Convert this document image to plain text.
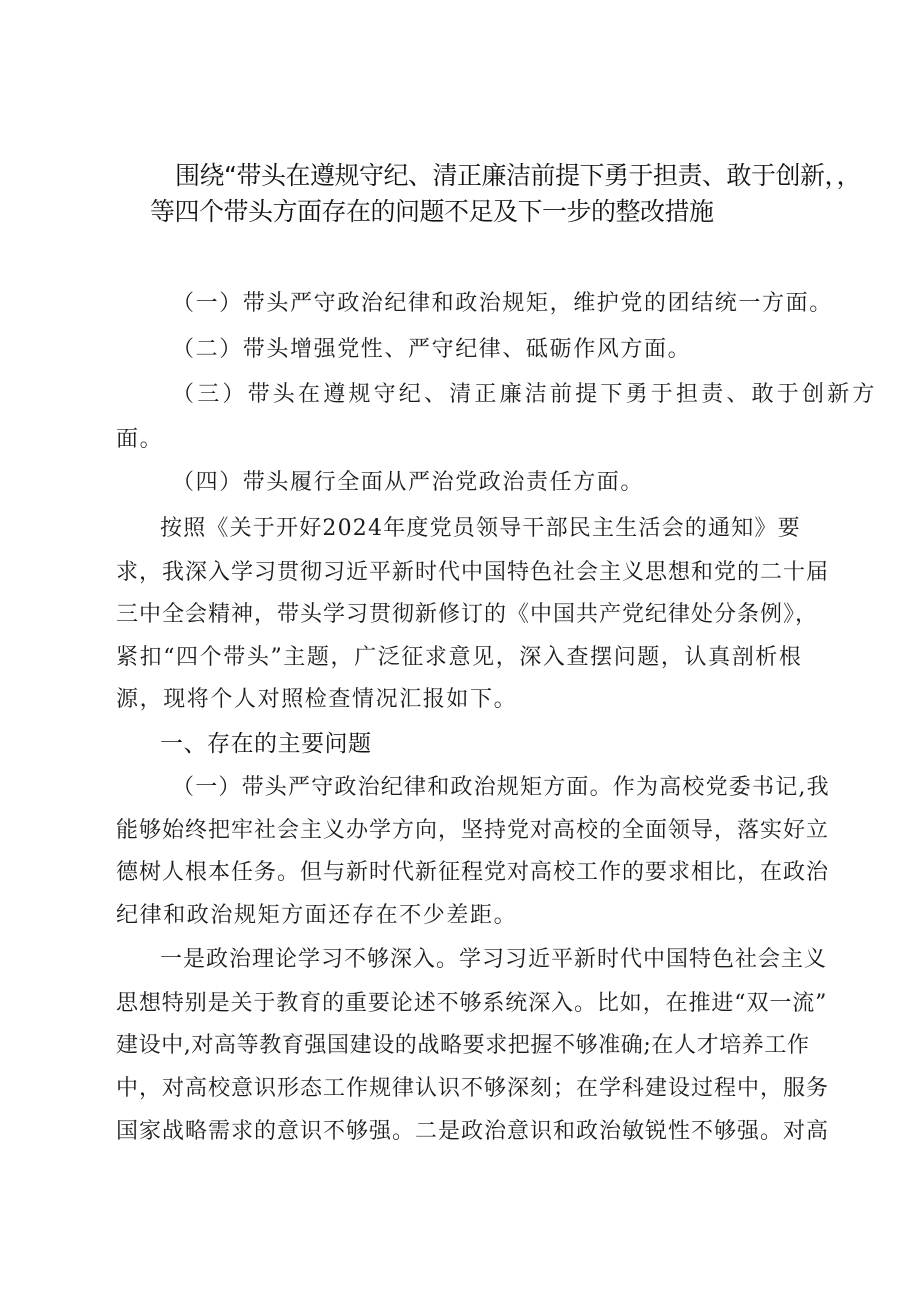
围绕“带头在遵规守纪、清正廉洁前提下勇于担责、敢于创新，，
等四个带头方面存在的问题不足及下一步的整改措施
（一）带头严守政治纪律和政治规矩，维护党的团结统一方面。
（二）带头增强党性、严守纪律、砥砺作风方面。
（三）带头在遵规守纪、清正廉洁前提下勇于担责、敢于创新方
面。
（四）带头履行全面从严治党政治责任方面。
按照《关于开好2024年度党员领导干部民主生活会的通知》要
求，我深入学习贯彻习近平新时代中国特色社会主义思想和党的二十届
三中全会精神，带头学习贯彻新修订的《中国共产党纪律处分条例》，
紧扣“四个带头”主题，广泛征求意见，深入查摆问题，认真剖析根
源，现将个人对照检查情况汇报如下。
一、存在的主要问题
（一）带头严守政治纪律和政治规矩方面。作为高校党委书记,我
能够始终把牢社会主义办学方向，坚持党对高校的全面领导，落实好立
德树人根本任务。但与新时代新征程党对高校工作的要求相比，在政治
纪律和政治规矩方面还存在不少差距。
一是政治理论学习不够深入。学习习近平新时代中国特色社会主义
思想特别是关于教育的重要论述不够系统深入。比如，在推进“双一流”
建设中,对高等教育强国建设的战略要求把握不够准确;在人才培养工作
中，对高校意识形态工作规律认识不够深刻；在学科建设过程中，服务
国家战略需求的意识不够强。二是政治意识和政治敏锐性不够强。对高
